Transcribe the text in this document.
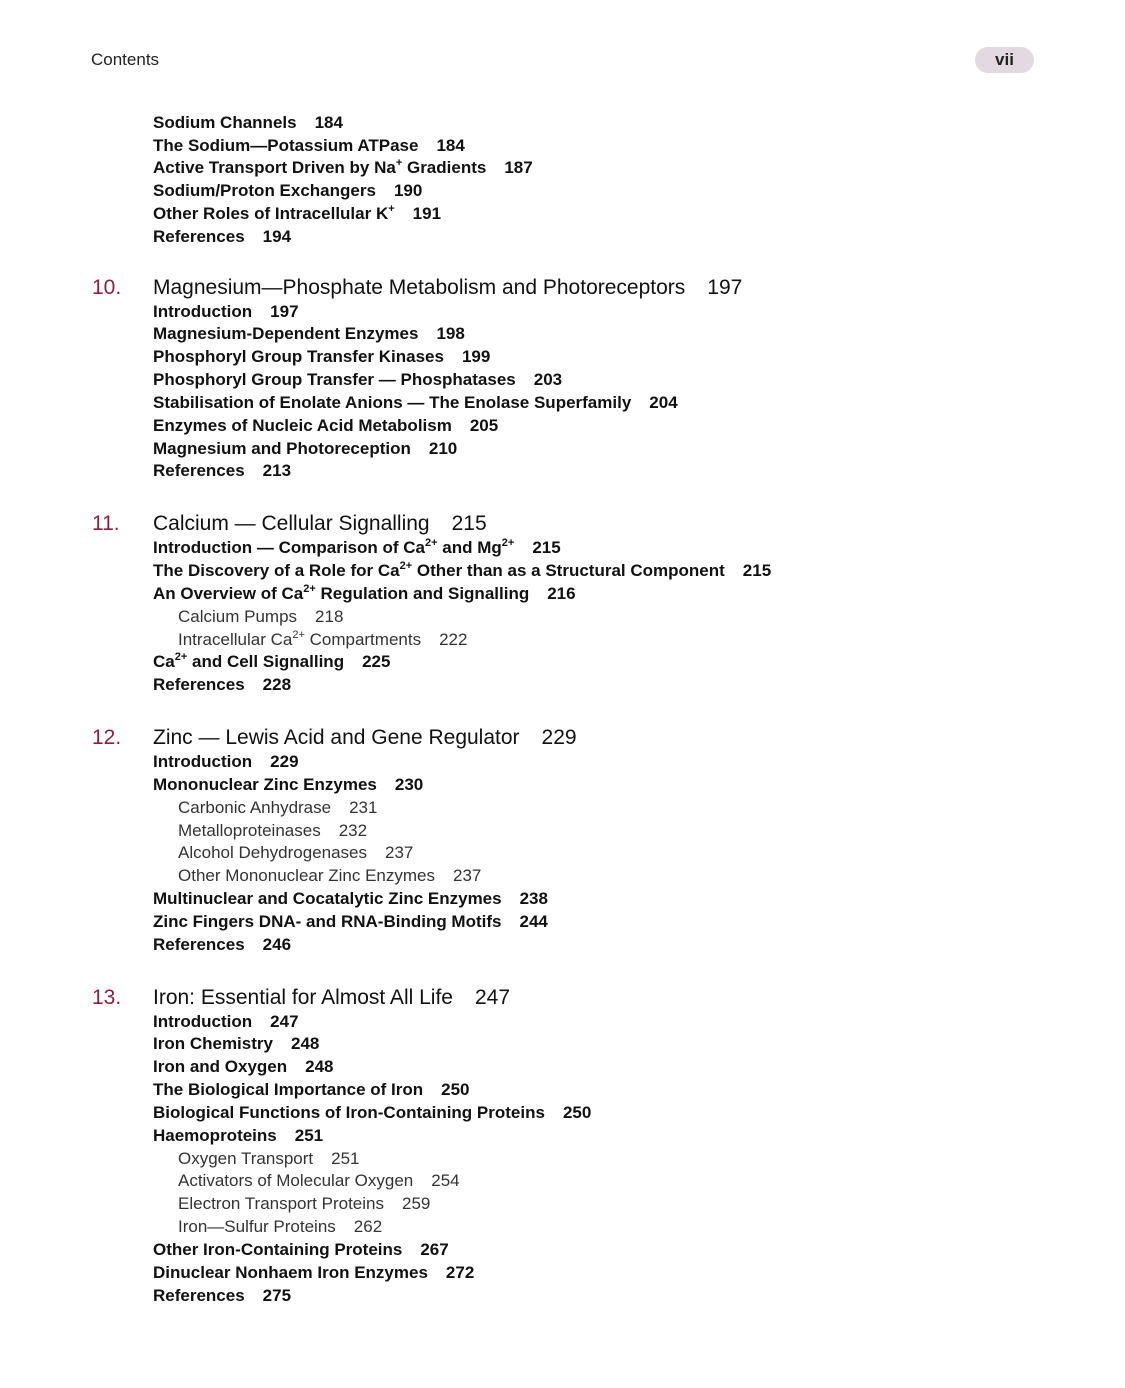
Contents	vii
Sodium Channels 184
The Sodium—Potassium ATPase 184
Active Transport Driven by Na+ Gradients 187
Sodium/Proton Exchangers 190
Other Roles of Intracellular K+ 191
References 194
10. Magnesium—Phosphate Metabolism and Photoreceptors 197
Introduction 197
Magnesium-Dependent Enzymes 198
Phosphoryl Group Transfer Kinases 199
Phosphoryl Group Transfer — Phosphatases 203
Stabilisation of Enolate Anions — The Enolase Superfamily 204
Enzymes of Nucleic Acid Metabolism 205
Magnesium and Photoreception 210
References 213
11. Calcium — Cellular Signalling 215
Introduction — Comparison of $Ca^{2+}$ and $Mg^{2+}$ 215
The Discovery of a Role for $Ca^{2+}$ Other than as a Structural Component 215
An Overview of $Ca^{2+}$ Regulation and Signalling 216
Calcium Pumps 218
Intracellular $Ca^{2+}$ Compartments 222
$Ca^{2+}$ and Cell Signalling 225
References 228
12. Zinc — Lewis Acid and Gene Regulator 229
Introduction 229
Mononuclear Zinc Enzymes 230
Carbonic Anhydrase 231
Metalloproteinases 232
Alcohol Dehydrogenases 237
Other Mononuclear Zinc Enzymes 237
Multinuclear and Cocatalytic Zinc Enzymes 238
Zinc Fingers DNA- and RNA-Binding Motifs 244
References 246
13. Iron: Essential for Almost All Life 247
Introduction 247
Iron Chemistry 248
Iron and Oxygen 248
The Biological Importance of Iron 250
Biological Functions of Iron-Containing Proteins 250
Haemoproteins 251
Oxygen Transport 251
Activators of Molecular Oxygen 254
Electron Transport Proteins 259
Iron—Sulfur Proteins 262
Other Iron-Containing Proteins 267
Dinuclear Nonhaem Iron Enzymes 272
References 275
